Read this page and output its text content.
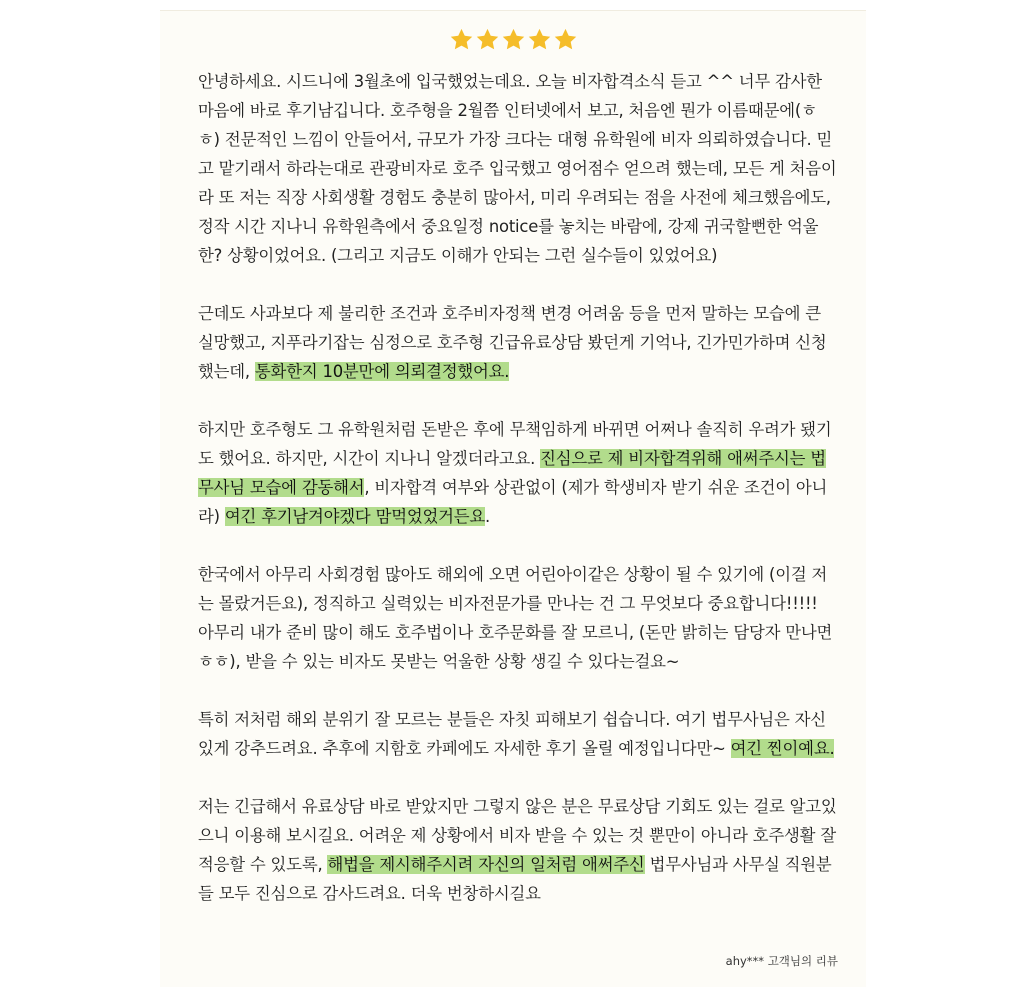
안녕하세요. 시드니에 3월초에 입국했었는데요. 오늘 비자합격소식 듣고 ^^ 너무 감사한 마음에 바로 후기남깁니다. 호주형을 2월쯤 인터넷에서 보고, 처음엔 뭔가 이름때문에(ㅎㅎ) 전문적인 느낌이 안들어서, 규모가 가장 크다는 대형 유학원에 비자 의뢰하였습니다. 믿고 맡기래서 하라는대로 관광비자로 호주 입국했고 영어점수 얻으려 했는데, 모든 게 처음이라 또 저는 직장 사회생활 경험도 충분히 많아서, 미리 우려되는 점을 사전에 체크했음에도, 정작 시간 지나니 유학원측에서 중요일정 notice를 놓치는 바람에, 강제 귀국할뻔한 억울한? 상황이었어요. (그리고 지금도 이해가 안되는 그런 실수들이 있었어요)

근데도 사과보다 제 불리한 조건과 호주비자정책 변경 어려움 등을 먼저 말하는 모습에 큰 실망했고, 지푸라기잡는 심정으로 호주형 긴급유료상담 봤던게 기억나, 긴가민가하며 신청했는데, 통화한지 10분만에 의뢰결정했어요.

하지만 호주형도 그 유학원처럼 돈받은 후에 무책임하게 바뀌면 어쩌나 솔직히 우려가 됐기도 했어요. 하지만, 시간이 지나니 알겠더라고요. 진심으로 제 비자합격위해 애써주시는 법무사님 모습에 감동해서, 비자합격 여부와 상관없이 (제가 학생비자 받기 쉬운 조건이 아니라) 여긴 후기남겨야겠다 맘먹었었거든요.

한국에서 아무리 사회경험 많아도 해외에 오면 어린아이같은 상황이 될 수 있기에 (이걸 저는 몰랐거든요), 정직하고 실력있는 비자전문가를 만나는 건 그 무엇보다 중요합니다!!!!! 아무리 내가 준비 많이 해도 호주법이나 호주문화를 잘 모르니, (돈만 밝히는 담당자 만나면ㅎㅎ), 받을 수 있는 비자도 못받는 억울한 상황 생길 수 있다는걸요~

특히 저처럼 해외 분위기 잘 모르는 분들은 자칫 피해보기 쉽습니다. 여기 법무사님은 자신있게 강추드려요. 추후에 지함호 카페에도 자세한 후기 올릴 예정입니다만~ 여긴 찐이예요.

저는 긴급해서 유료상담 바로 받았지만 그렇지 않은 분은 무료상담 기회도 있는 걸로 알고있으니 이용해 보시길요. 어려운 제 상황에서 비자 받을 수 있는 것 뿐만이 아니라 호주생활 잘 적응할 수 있도록, 해법을 제시해주시려 자신의 일처럼 애써주신 법무사님과 사무실 직원분들 모두 진심으로 감사드려요. 더욱 번창하시길요

ahy*** 고객님의 리뷰
